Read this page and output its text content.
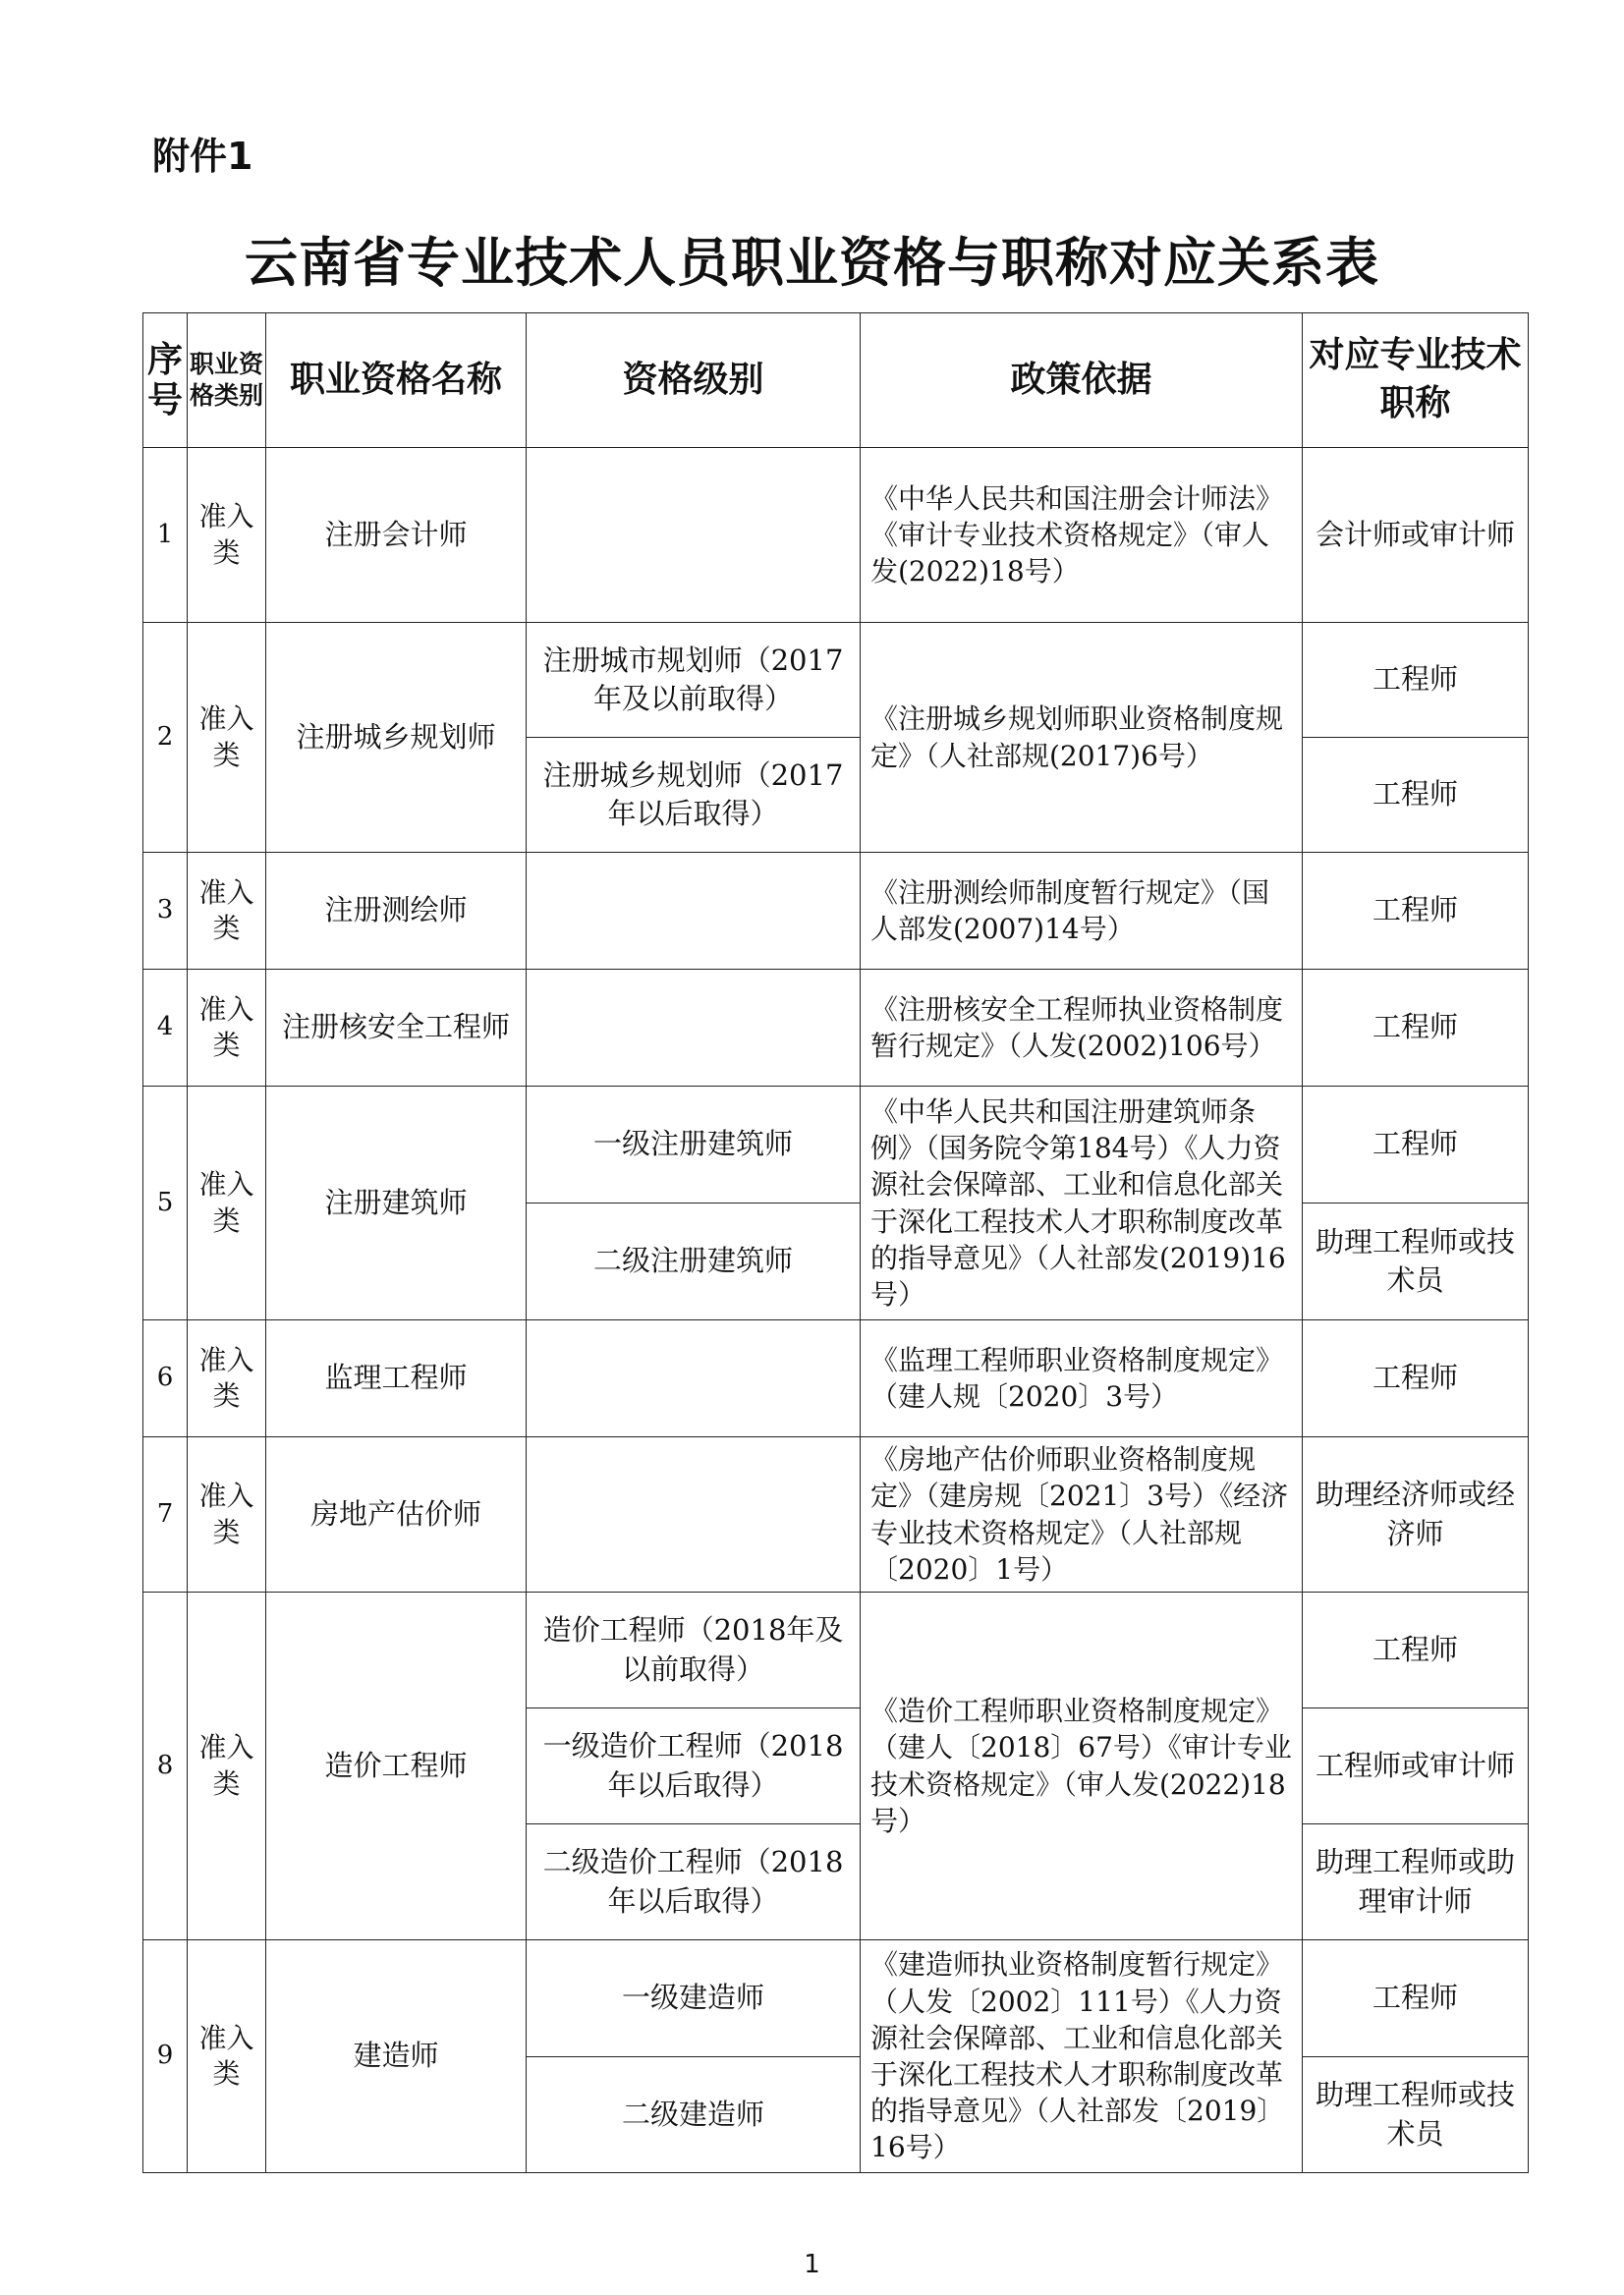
附件1
云南省专业技术人员职业资格与职称对应关系表
序号	职业资格类别	职业资格名称	资格级别	政策依据	对应专业技术职称
1	准入类	注册会计师		《中华人民共和国注册会计师法》《审计专业技术资格规定》（审人发(2022)18号）	会计师或审计师
2	准入类	注册城乡规划师	注册城市规划师（2017年及以前取得）	《注册城乡规划师职业资格制度规定》（人社部规(2017)6号）	工程师
			注册城乡规划师（2017年以后取得）		工程师
3	准入类	注册测绘师		《注册测绘师制度暂行规定》（国人部发(2007)14号）	工程师
4	准入类	注册核安全工程师		《注册核安全工程师执业资格制度暂行规定》（人发(2002)106号）	工程师
5	准入类	注册建筑师	一级注册建筑师	《中华人民共和国注册建筑师条例》（国务院令第184号）《人力资源社会保障部、工业和信息化部关于深化工程技术人才职称制度改革的指导意见》（人社部发(2019)16号）	工程师
			二级注册建筑师		助理工程师或技术员
6	准入类	监理工程师		《监理工程师职业资格制度规定》（建人规〔2020〕3号）	工程师
7	准入类	房地产估价师		《房地产估价师职业资格制度规定》（建房规〔2021〕3号）《经济专业技术资格规定》（人社部规〔2020〕1号）	助理经济师或经济师
8	准入类	造价工程师	造价工程师（2018年及以前取得）	《造价工程师职业资格制度规定》（建人〔2018〕67号）《审计专业技术资格规定》（审人发(2022)18号）	工程师
			一级造价工程师（2018年以后取得）		工程师或审计师
			二级造价工程师（2018年以后取得）		助理工程师或助理审计师
9	准入类	建造师	一级建造师	《建造师执业资格制度暂行规定》（人发〔2002〕111号）《人力资源社会保障部、工业和信息化部关于深化工程技术人才职称制度改革的指导意见》（人社部发〔2019〕16号）	工程师
			二级建造师		助理工程师或技术员
1
